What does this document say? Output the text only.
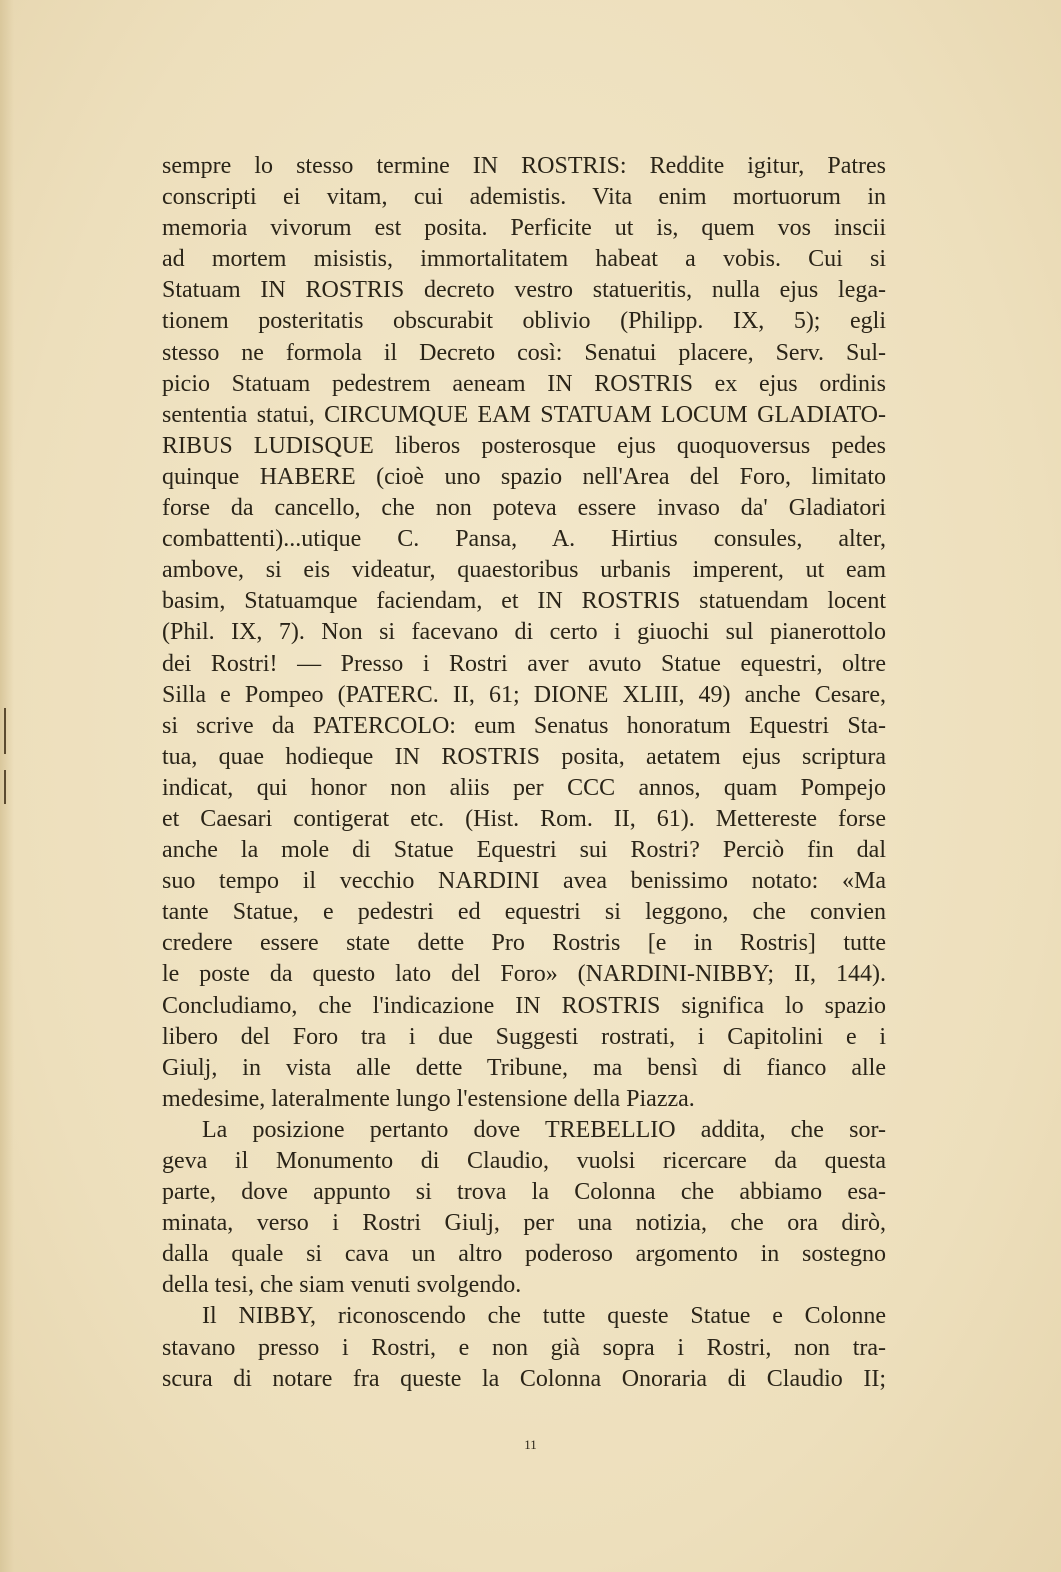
sempre lo stesso termine IN ROSTRIS: Reddite igitur, Patres
conscripti ei vitam, cui ademistis. Vita enim mortuorum in
memoria vivorum est posita. Perficite ut is, quem vos inscii
ad mortem misistis, immortalitatem habeat a vobis. Cui si
Statuam IN ROSTRIS decreto vestro statueritis, nulla ejus lega-
tionem posteritatis obscurabit oblivio (Philipp. IX, 5); egli
stesso ne formola il Decreto così: Senatui placere, Serv. Sul-
picio Statuam pedestrem aeneam IN ROSTRIS ex ejus ordinis
sententia statui, CIRCUMQUE EAM STATUAM LOCUM GLADIATO-
RIBUS LUDISQUE liberos posterosque ejus quoquoversus pedes
quinque HABERE (cioè uno spazio nell'Area del Foro, limitato
forse da cancello, che non poteva essere invaso da' Gladiatori
combattenti)...utique C. Pansa, A. Hirtius consules, alter,
ambove, si eis videatur, quaestoribus urbanis imperent, ut eam
basim, Statuamque faciendam, et IN ROSTRIS statuendam locent
(Phil. IX, 7). Non si facevano di certo i giuochi sul pianerottolo
dei Rostri! — Presso i Rostri aver avuto Statue equestri, oltre
Silla e Pompeo (PATERC. II, 61; DIONE XLIII, 49) anche Cesare,
si scrive da PATERCOLO: eum Senatus honoratum Equestri Sta-
tua, quae hodieque IN ROSTRIS posita, aetatem ejus scriptura
indicat, qui honor non aliis per CCC annos, quam Pompejo
et Caesari contigerat etc. (Hist. Rom. II, 61). Mettereste forse
anche la mole di Statue Equestri sui Rostri? Perciò fin dal
suo tempo il vecchio NARDINI avea benissimo notato: «Ma
tante Statue, e pedestri ed equestri si leggono, che convien
credere essere state dette Pro Rostris [e in Rostris] tutte
le poste da questo lato del Foro» (NARDINI-NIBBY; II, 144).
Concludiamo, che l'indicazione IN ROSTRIS significa lo spazio
libero del Foro tra i due Suggesti rostrati, i Capitolini e i
Giulj, in vista alle dette Tribune, ma bensì di fianco alle
medesime, lateralmente lungo l'estensione della Piazza.
La posizione pertanto dove TREBELLIO addita, che sor-
geva il Monumento di Claudio, vuolsi ricercare da questa
parte, dove appunto si trova la Colonna che abbiamo esa-
minata, verso i Rostri Giulj, per una notizia, che ora dirò,
dalla quale si cava un altro poderoso argomento in sostegno
della tesi, che siam venuti svolgendo.
Il NIBBY, riconoscendo che tutte queste Statue e Colonne
stavano presso i Rostri, e non già sopra i Rostri, non tra-
scura di notare fra queste la Colonna Onoraria di Claudio II;
11
